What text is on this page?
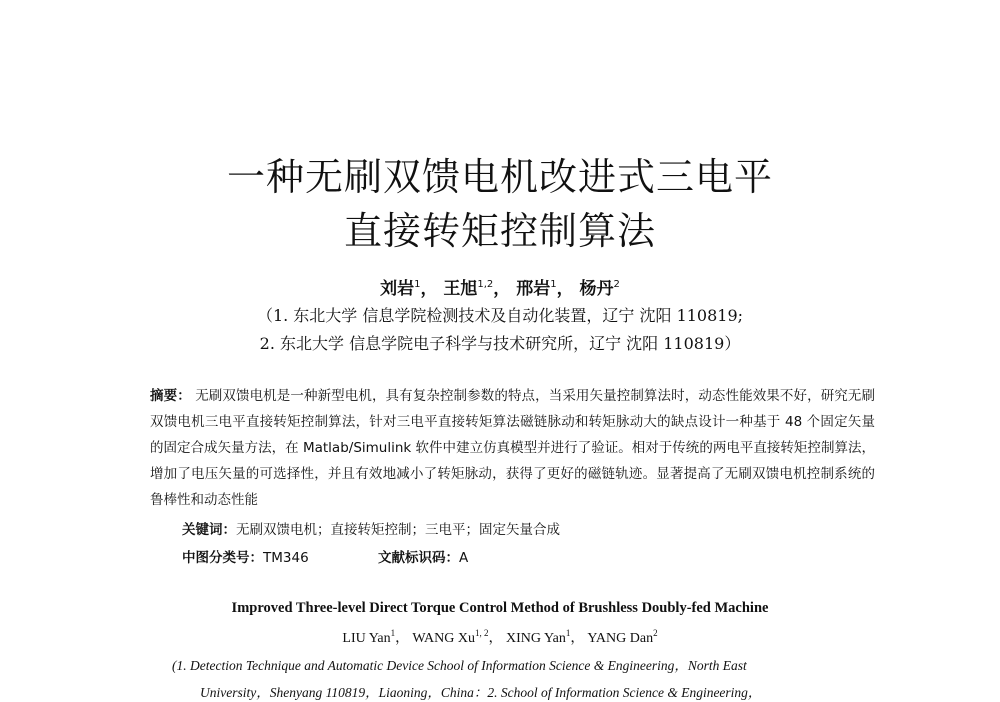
一种无刷双馈电机改进式三电平
直接转矩控制算法
刘岩$^1$， 王旭$^{1,2}$， 邢岩$^1$， 杨丹$^2$
（1. 东北大学 信息学院检测技术及自动化装置，辽宁 沈阳 110819;
2. 东北大学 信息学院电子科学与技术研究所，辽宁 沈阳 110819）
摘要： 无刷双馈电机是一种新型电机，具有复杂控制参数的特点，当采用矢量控制算法时，动态性能效果不好，研究无刷双馈电机三电平直接转矩控制算法，针对三电平直接转矩算法磁链脉动和转矩脉动大的缺点设计一种基于 48 个固定矢量的固定合成矢量方法，在 Matlab/Simulink 软件中建立仿真模型并进行了验证。相对于传统的两电平直接转矩控制算法，增加了电压矢量的可选择性，并且有效地减小了转矩脉动，获得了更好的磁链轨迹。显著提高了无刷双馈电机控制系统的鲁棒性和动态性能
关键词：无刷双馈电机；直接转矩控制；三电平；固定矢量合成
中图分类号：TM346	文献标识码：A
Improved Three-level Direct Torque Control Method of Brushless Doubly-fed Machine
LIU Yan$^1$， WANG Xu$^{1, 2}$， XING Yan$^1$， YANG Dan$^2$
(1. Detection Technique and Automatic Device School of Information Science & Engineering，North East
University，Shenyang 110819，Liaoning，China：2. School of Information Science & Engineering，
